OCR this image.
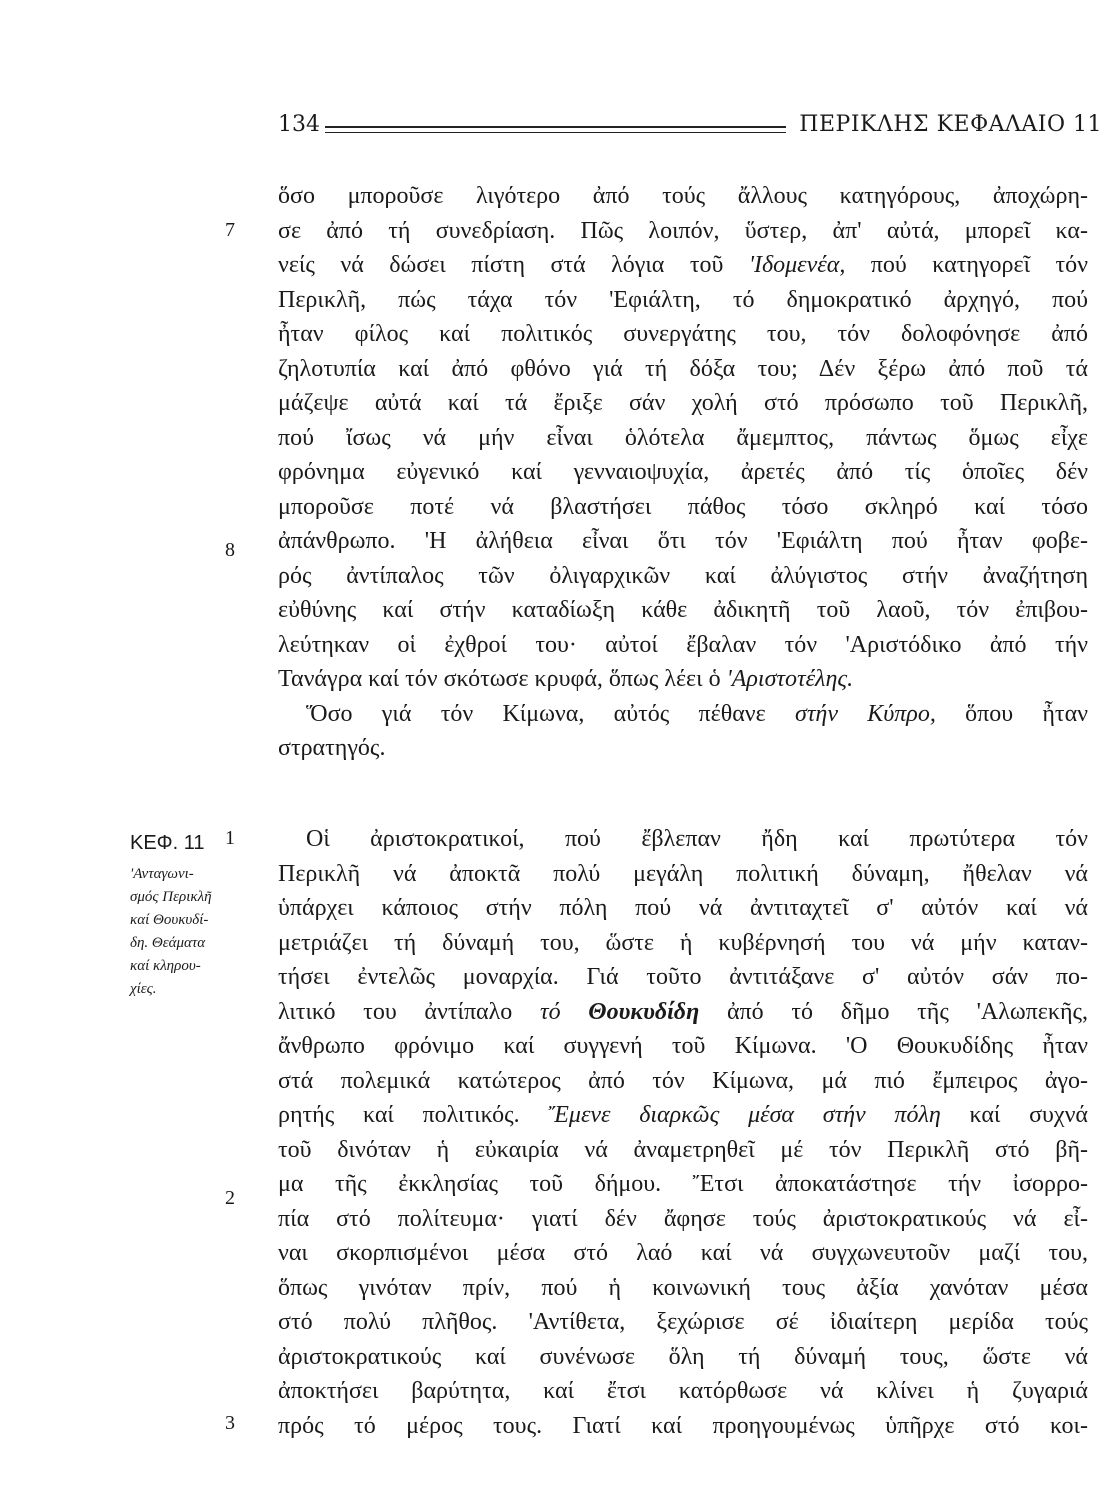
134	ΠΕΡΙΚΛΗΣ ΚΕΦΑΛΑΙΟ 11
7
8
1
2
3
ΚΕΦ. 11
'Ανταγωνι-
σμός Περικλῆ
καί Θουκυδί-
δη. Θεάματα
καί κληρου-
χίες.
ὅσο μποροῦσε λιγότερο ἀπό τούς ἄλλους κατηγόρους, ἀποχώρη-
σε ἀπό τή συνεδρίαση. Πῶς λοιπόν, ὕστερ, ἀπ' αὐτά, μπορεῖ κα-
νείς νά δώσει πίστη στά λόγια τοῦ 'Ιδομενέα, πού κατηγορεῖ τόν
Περικλῆ, πώς τάχα τόν 'Εφιάλτη, τό δημοκρατικό ἀρχηγό, πού
ἦταν φίλος καί πολιτικός συνεργάτης του, τόν δολοφόνησε ἀπό
ζηλοτυπία καί ἀπό φθόνο γιά τή δόξα του; Δέν ξέρω ἀπό ποῦ τά
μάζεψε αὐτά καί τά ἔριξε σάν χολή στό πρόσωπο τοῦ Περικλῆ,
πού ἴσως νά μήν εἶναι ὁλότελα ἄμεμπτος, πάντως ὅμως εἶχε
φρόνημα εὐγενικό καί γενναιοψυχία, ἀρετές ἀπό τίς ὁποῖες δέν
μποροῦσε ποτέ νά βλαστήσει πάθος τόσο σκληρό καί τόσο
ἀπάνθρωπο. 'Η ἀλήθεια εἶναι ὅτι τόν 'Εφιάλτη πού ἦταν φοβε-
ρός ἀντίπαλος τῶν ὀλιγαρχικῶν καί ἀλύγιστος στήν ἀναζήτηση
εὐθύνης καί στήν καταδίωξη κάθε ἀδικητῆ τοῦ λαοῦ, τόν ἐπιβου-
λεύτηκαν οἱ ἐχθροί του· αὐτοί ἔβαλαν τόν 'Αριστόδικο ἀπό τήν
Τανάγρα καί τόν σκότωσε κρυφά, ὅπως λέει ὁ 'Αριστοτέλης.
Ὅσο γιά τόν Κίμωνα, αὐτός πέθανε στήν Κύπρο, ὅπου ἦταν
στρατηγός.
Οἱ ἀριστοκρατικοί, πού ἔβλεπαν ἤδη καί πρωτύτερα τόν
Περικλῆ νά ἀποκτᾶ πολύ μεγάλη πολιτική δύναμη, ἤθελαν νά
ὑπάρχει κάποιος στήν πόλη πού νά ἀντιταχτεῖ σ' αὐτόν καί νά
μετριάζει τή δύναμή του, ὥστε ἡ κυβέρνησή του νά μήν καταν-
τήσει ἐντελῶς μοναρχία. Γιά τοῦτο ἀντιτάξανε σ' αὐτόν σάν πο-
λιτικό του ἀντίπαλο τό Θουκυδίδη ἀπό τό δῆμο τῆς 'Αλωπεκῆς,
ἄνθρωπο φρόνιμο καί συγγενή τοῦ Κίμωνα. 'Ο Θουκυδίδης ἦταν
στά πολεμικά κατώτερος ἀπό τόν Κίμωνα, μά πιό ἔμπειρος ἀγο-
ρητής καί πολιτικός. Ἔμενε διαρκῶς μέσα στήν πόλη καί συχνά
τοῦ δινόταν ἡ εὐκαιρία νά ἀναμετρηθεῖ μέ τόν Περικλῆ στό βῆ-
μα τῆς ἐκκλησίας τοῦ δήμου. Ἔτσι ἀποκατάστησε τήν ἰσορρο-
πία στό πολίτευμα· γιατί δέν ἄφησε τούς ἀριστοκρατικούς νά εἶ-
ναι σκορπισμένοι μέσα στό λαό καί νά συγχωνευτοῦν μαζί του,
ὅπως γινόταν πρίν, πού ἡ κοινωνική τους ἀξία χανόταν μέσα
στό πολύ πλῆθος. 'Αντίθετα, ξεχώρισε σέ ἰδιαίτερη μερίδα τούς
ἀριστοκρατικούς καί συνένωσε ὅλη τή δύναμή τους, ὥστε νά
ἀποκτήσει βαρύτητα, καί ἔτσι κατόρθωσε νά κλίνει ἡ ζυγαριά
πρός τό μέρος τους. Γιατί καί προηγουμένως ὑπῆρχε στό κοι-
